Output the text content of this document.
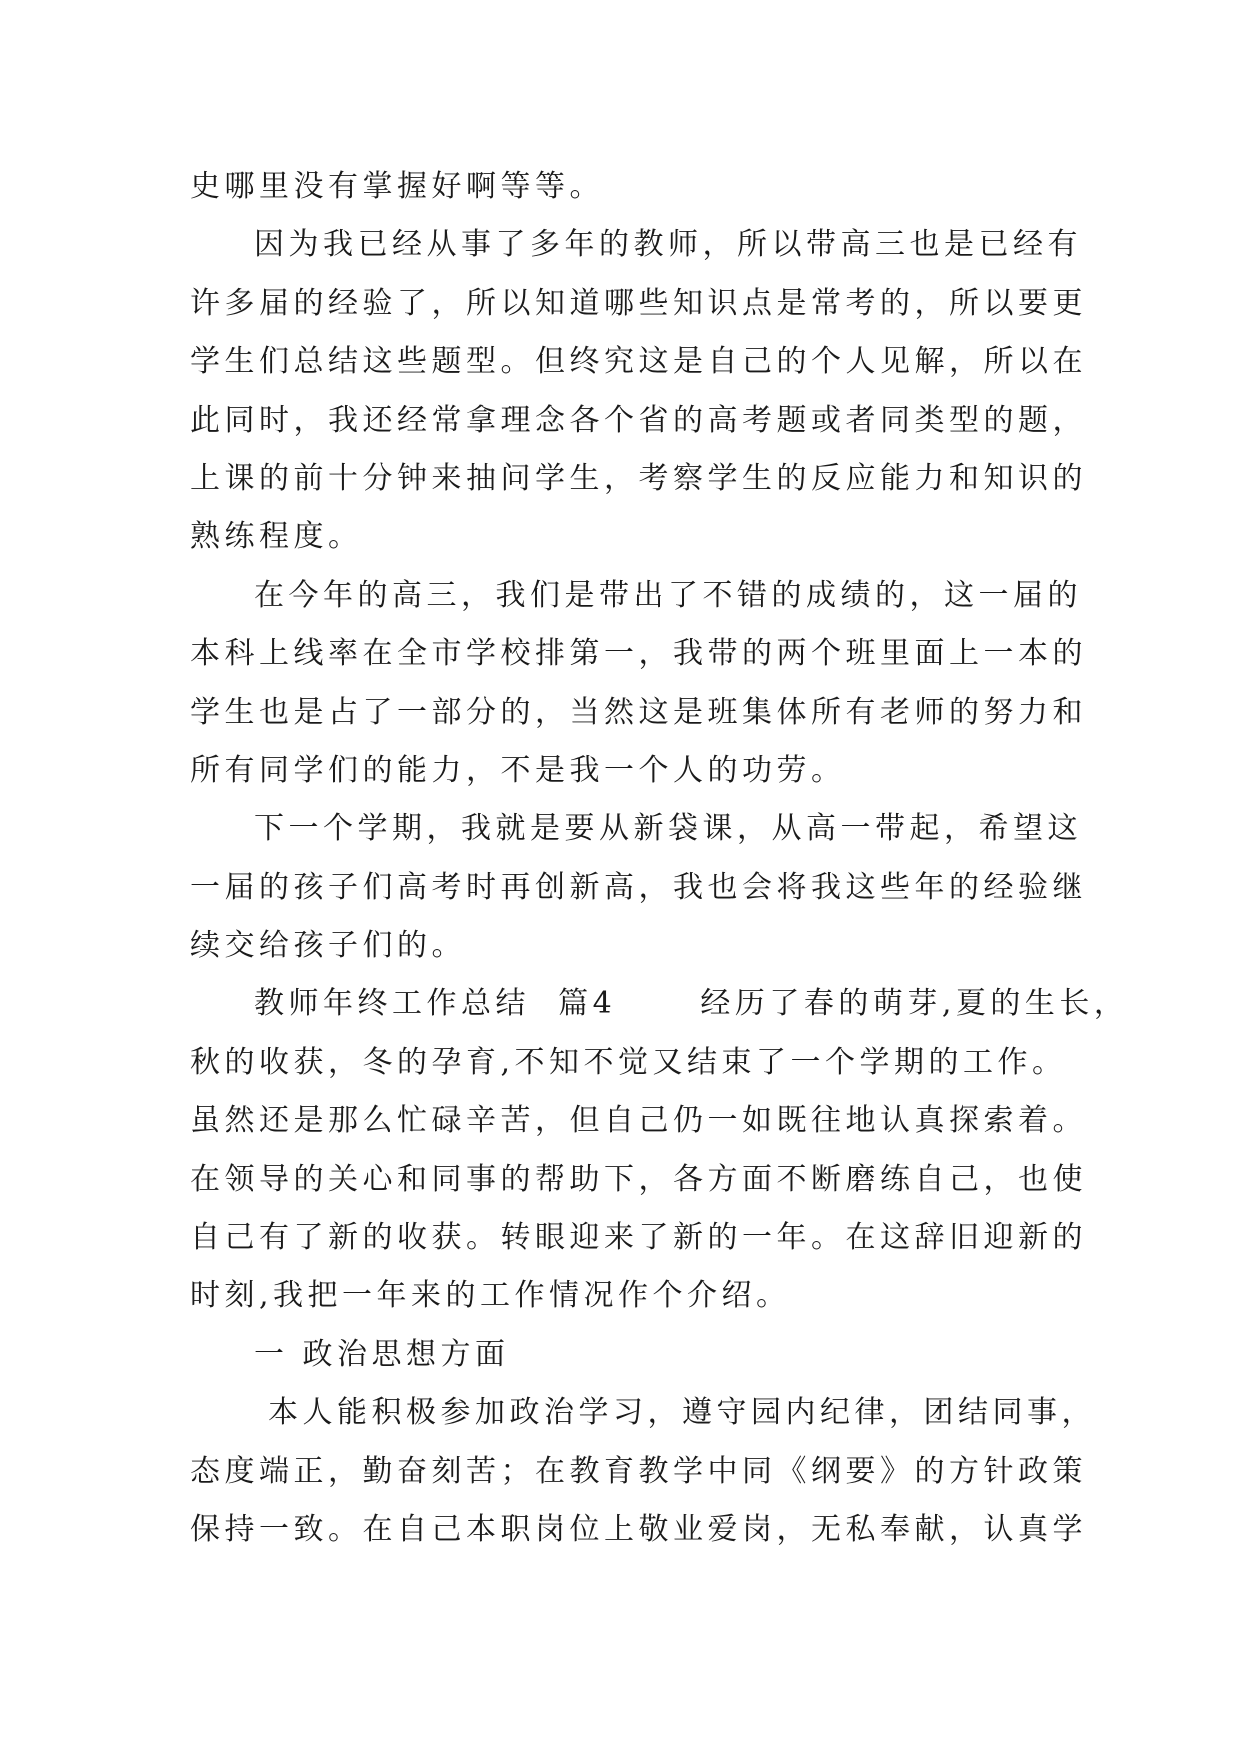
史哪里没有掌握好啊等等。
因为我已经从事了多年的教师，所以带高三也是已经有
许多届的经验了，所以知道哪些知识点是常考的，所以要更
学生们总结这些题型。但终究这是自己的个人见解，所以在
此同时，我还经常拿理念各个省的高考题或者同类型的题，
上课的前十分钟来抽问学生，考察学生的反应能力和知识的
熟练程度。
在今年的高三，我们是带出了不错的成绩的，这一届的
本科上线率在全市学校排第一，我带的两个班里面上一本的
学生也是占了一部分的，当然这是班集体所有老师的努力和
所有同学们的能力，不是我一个人的功劳。
下一个学期，我就是要从新袋课，从高一带起，希望这
一届的孩子们高考时再创新高，我也会将我这些年的经验继
续交给孩子们的。
教师年终工作总结  篇4      经历了春的萌芽,夏的生长，
秋的收获，冬的孕育,不知不觉又结束了一个学期的工作。
虽然还是那么忙碌辛苦，但自己仍一如既往地认真探索着。
在领导的关心和同事的帮助下，各方面不断磨练自己，也使
自己有了新的收获。转眼迎来了新的一年。在这辞旧迎新的
时刻,我把一年来的工作情况作个介绍。
一 政治思想方面
本人能积极参加政治学习，遵守园内纪律，团结同事，
态度端正，勤奋刻苦；在教育教学中同《纲要》的方针政策
保持一致。在自己本职岗位上敬业爱岗，无私奉献，认真学
